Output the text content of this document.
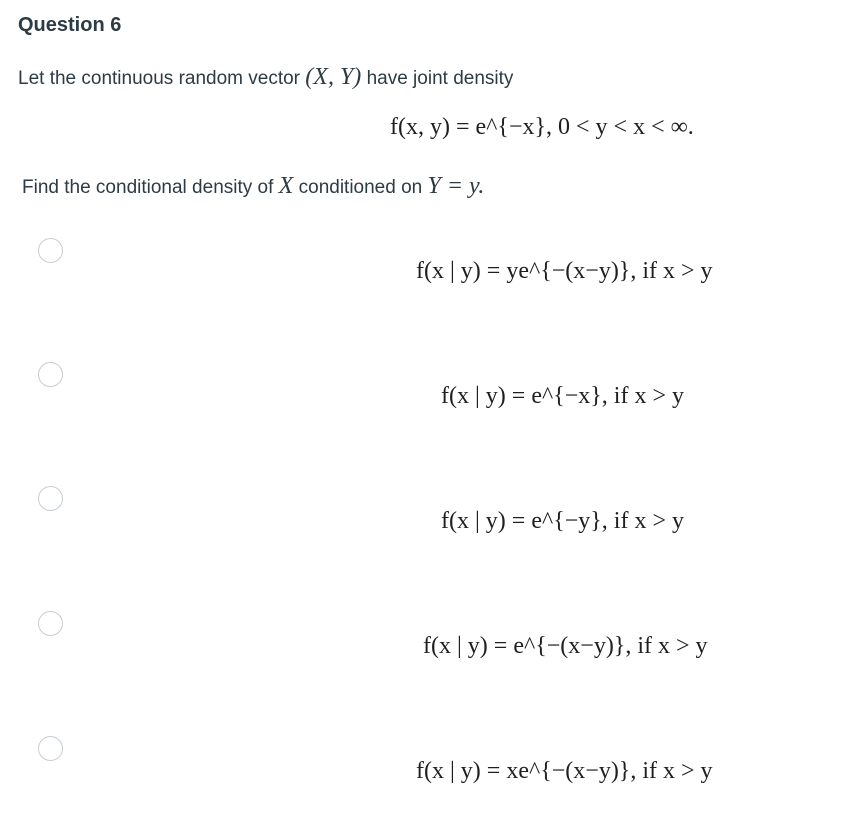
Question 6
Let the continuous random vector (X, Y) have joint density
f(x, y) = e^{−x}, 0 < y < x < ∞.
Find the conditional density of X conditioned on Y = y.
f(x | y) = ye^{−(x−y)}, if x > y
f(x | y) = e^{−x}, if x > y
f(x | y) = e^{−y}, if x > y
f(x | y) = e^{−(x−y)}, if x > y
f(x | y) = xe^{−(x−y)}, if x > y
